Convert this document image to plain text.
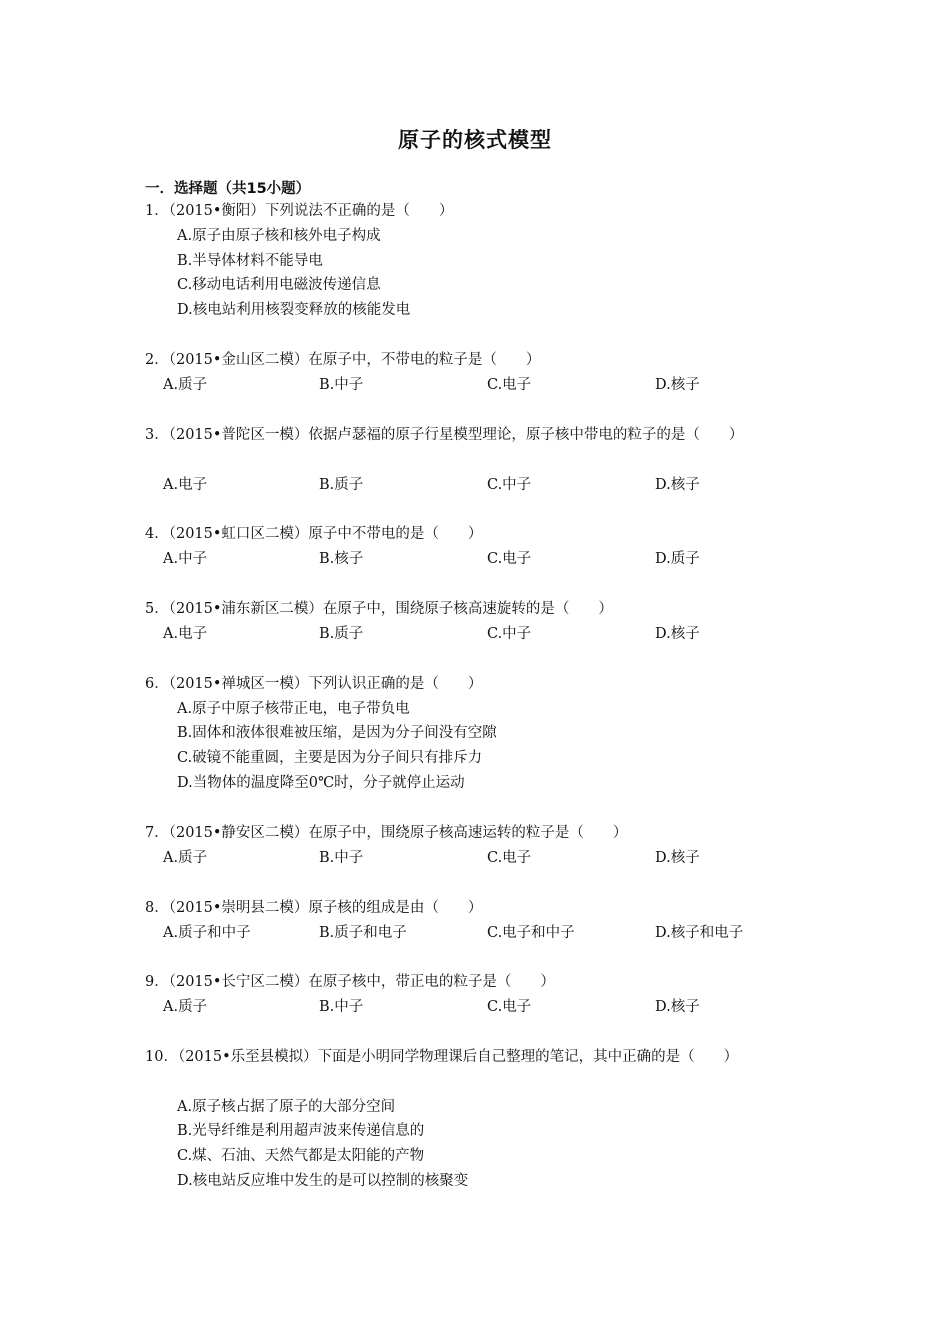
原子的核式模型
一．选择题（共15小题）
1．（2015•衡阳）下列说法不正确的是（　　）
A.原子由原子核和核外电子构成
B.半导体材料不能导电
C.移动电话利用电磁波传递信息
D.核电站利用核裂变释放的核能发电
2．（2015•金山区二模）在原子中，不带电的粒子是（　　）
A.质子	B.中子	C.电子	D.核子
3．（2015•普陀区一模）依据卢瑟福的原子行星模型理论，原子核中带电的粒子的是（　　）
A.电子	B.质子	C.中子	D.核子
4．（2015•虹口区二模）原子中不带电的是（　　）
A.中子	B.核子	C.电子	D.质子
5．（2015•浦东新区二模）在原子中，围绕原子核高速旋转的是（　　）
A.电子	B.质子	C.中子	D.核子
6．（2015•禅城区一模）下列认识正确的是（　　）
A.原子中原子核带正电，电子带负电
B.固体和液体很难被压缩，是因为分子间没有空隙
C.破镜不能重圆，主要是因为分子间只有排斥力
D.当物体的温度降至0℃时，分子就停止运动
7．（2015•静安区二模）在原子中，围绕原子核高速运转的粒子是（　　）
A.质子	B.中子	C.电子	D.核子
8．（2015•崇明县二模）原子核的组成是由（　　）
A.质子和中子	B.质子和电子	C.电子和中子	D.核子和电子
9．（2015•长宁区二模）在原子核中，带正电的粒子是（　　）
A.质子	B.中子	C.电子	D.核子
10．（2015•乐至县模拟）下面是小明同学物理课后自己整理的笔记，其中正确的是（　　）
A.原子核占据了原子的大部分空间
B.光导纤维是利用超声波来传递信息的
C.煤、石油、天然气都是太阳能的产物
D.核电站反应堆中发生的是可以控制的核聚变
